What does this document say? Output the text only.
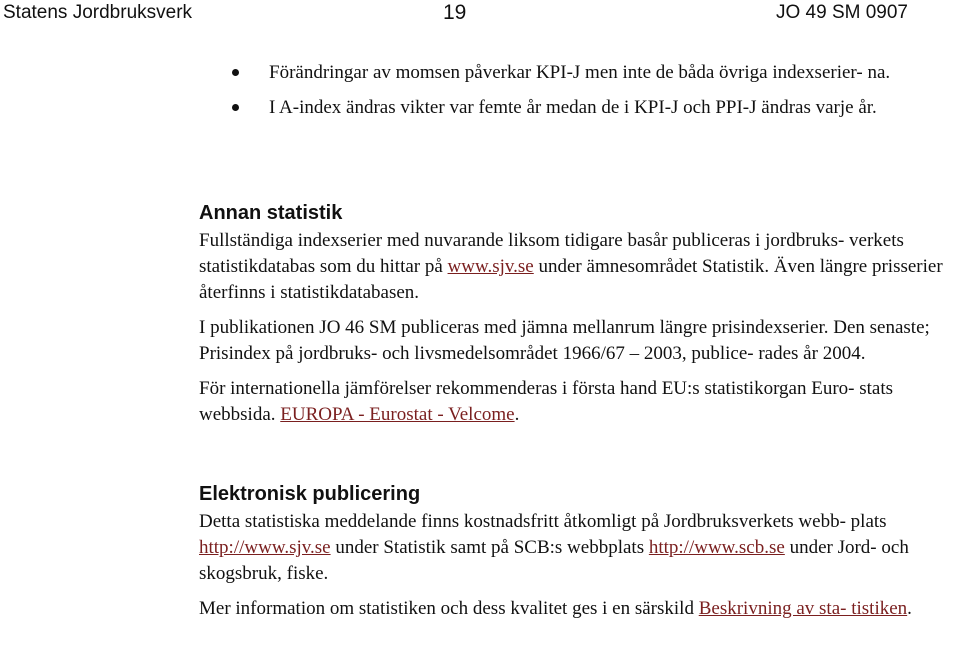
Statens Jordbruksverk	19	JO 49 SM 0907
Förändringar av momsen påverkar KPI-J men inte de båda övriga indexserier- na.
I A-index ändras vikter var femte år medan de i KPI-J och PPI-J ändras varje år.
Annan statistik

Fullständiga indexserier med nuvarande liksom tidigare basår publiceras i jordbruks- verkets statistikdatabas som du hittar på www.sjv.se under ämnesområdet Statistik. Även längre prisserier återfinns i statistikdatabasen.

I publikationen JO 46 SM publiceras med jämna mellanrum längre prisindexserier. Den senaste; Prisindex på jordbruks- och livsmedelsområdet 1966/67 – 2003, publice- rades år 2004.

För internationella jämförelser rekommenderas i första hand EU:s statistikorgan Euro- stats webbsida. EUROPA - Eurostat - Velcome.

Elektronisk publicering

Detta statistiska meddelande finns kostnadsfritt åtkomligt på Jordbruksverkets webb- plats http://www.sjv.se under Statistik samt på SCB:s webbplats http://www.scb.se under Jord- och skogsbruk, fiske.

Mer information om statistiken och dess kvalitet ges i en särskild Beskrivning av sta- tistiken.
